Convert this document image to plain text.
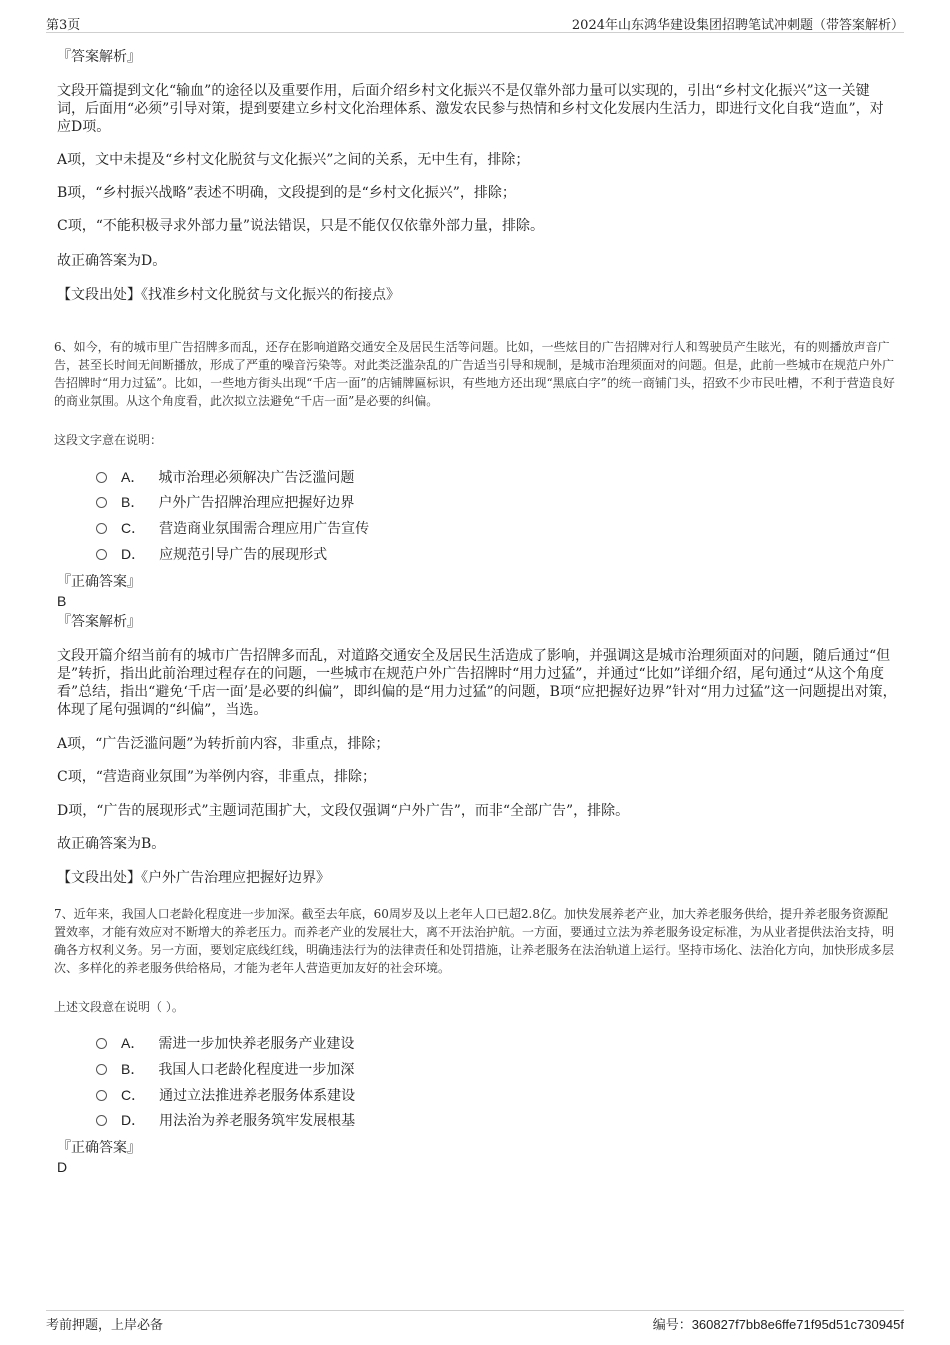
第3页	2024年山东鸿华建设集团招聘笔试冲刺题（带答案解析）
『答案解析』

文段开篇提到文化“输血”的途径以及重要作用，后面介绍乡村文化振兴不是仅靠外部力量可以实现的，引出“乡村文化振兴”这一关键词，后面用“必须”引导对策，提到要建立乡村文化治理体系、激发农民参与热情和乡村文化发展内生活力，即进行文化自我“造血”，对应D项。

A项，文中未提及“乡村文化脱贫与文化振兴”之间的关系，无中生有，排除；

B项，“乡村振兴战略”表述不明确，文段提到的是“乡村文化振兴”，排除；

C项，“不能积极寻求外部力量”说法错误，只是不能仅仅依靠外部力量，排除。

故正确答案为D。

【文段出处】《找准乡村文化脱贫与文化振兴的衔接点》

6、如今，有的城市里广告招牌多而乱，还存在影响道路交通安全及居民生活等问题。比如，一些炫目的广告招牌对行人和驾驶员产生眩光，有的则播放声音广告，甚至长时间无间断播放，形成了严重的噪音污染等。对此类泛滥杂乱的广告适当引导和规制，是城市治理须面对的问题。但是，此前一些城市在规范户外广告招牌时“用力过猛”。比如，一些地方街头出现“千店一面”的店铺牌匾标识，有些地方还出现“黑底白字”的统一商铺门头，招致不少市民吐槽，不利于营造良好的商业氛围。从这个角度看，此次拟立法避免“千店一面”是必要的纠偏。

这段文字意在说明：
A． 城市治理必须解决广告泛滥问题
B． 户外广告招牌治理应把握好边界
C． 营造商业氛围需合理应用广告宣传
D． 应规范引导广告的展现形式
『正确答案』
B
『答案解析』

文段开篇介绍当前有的城市广告招牌多而乱，对道路交通安全及居民生活造成了影响，并强调这是城市治理须面对的问题，随后通过“但是”转折，指出此前治理过程存在的问题，一些城市在规范户外广告招牌时“用力过猛”，并通过“比如”详细介绍，尾句通过“从这个角度看”总结，指出“避免‘千店一面’是必要的纠偏”，即纠偏的是“用力过猛”的问题，B项“应把握好边界”针对“用力过猛”这一问题提出对策，体现了尾句强调的“纠偏”，当选。

A项，“广告泛滥问题”为转折前内容，非重点，排除；

C项，“营造商业氛围”为举例内容，非重点，排除；

D项，“广告的展现形式”主题词范围扩大，文段仅强调“户外广告”，而非“全部广告”，排除。

故正确答案为B。

【文段出处】《户外广告治理应把握好边界》

7、近年来，我国人口老龄化程度进一步加深。截至去年底，60周岁及以上老年人口已超2.8亿。加快发展养老产业，加大养老服务供给，提升养老服务资源配置效率，才能有效应对不断增大的养老压力。而养老产业的发展壮大，离不开法治护航。一方面，要通过立法为养老服务设定标准，为从业者提供法治支持，明确各方权利义务。另一方面，要划定底线红线，明确违法行为的法律责任和处罚措施，让养老服务在法治轨道上运行。坚持市场化、法治化方向，加快形成多层次、多样化的养老服务供给格局，才能为老年人营造更加友好的社会环境。

上述文段意在说明（ ）。
A． 需进一步加快养老服务产业建设
B． 我国人口老龄化程度进一步加深
C． 通过立法推进养老服务体系建设
D． 用法治为养老服务筑牢发展根基
『正确答案』
D
考前押题，上岸必备	编号：360827f7bb8e6ffe71f95d51c730945f
